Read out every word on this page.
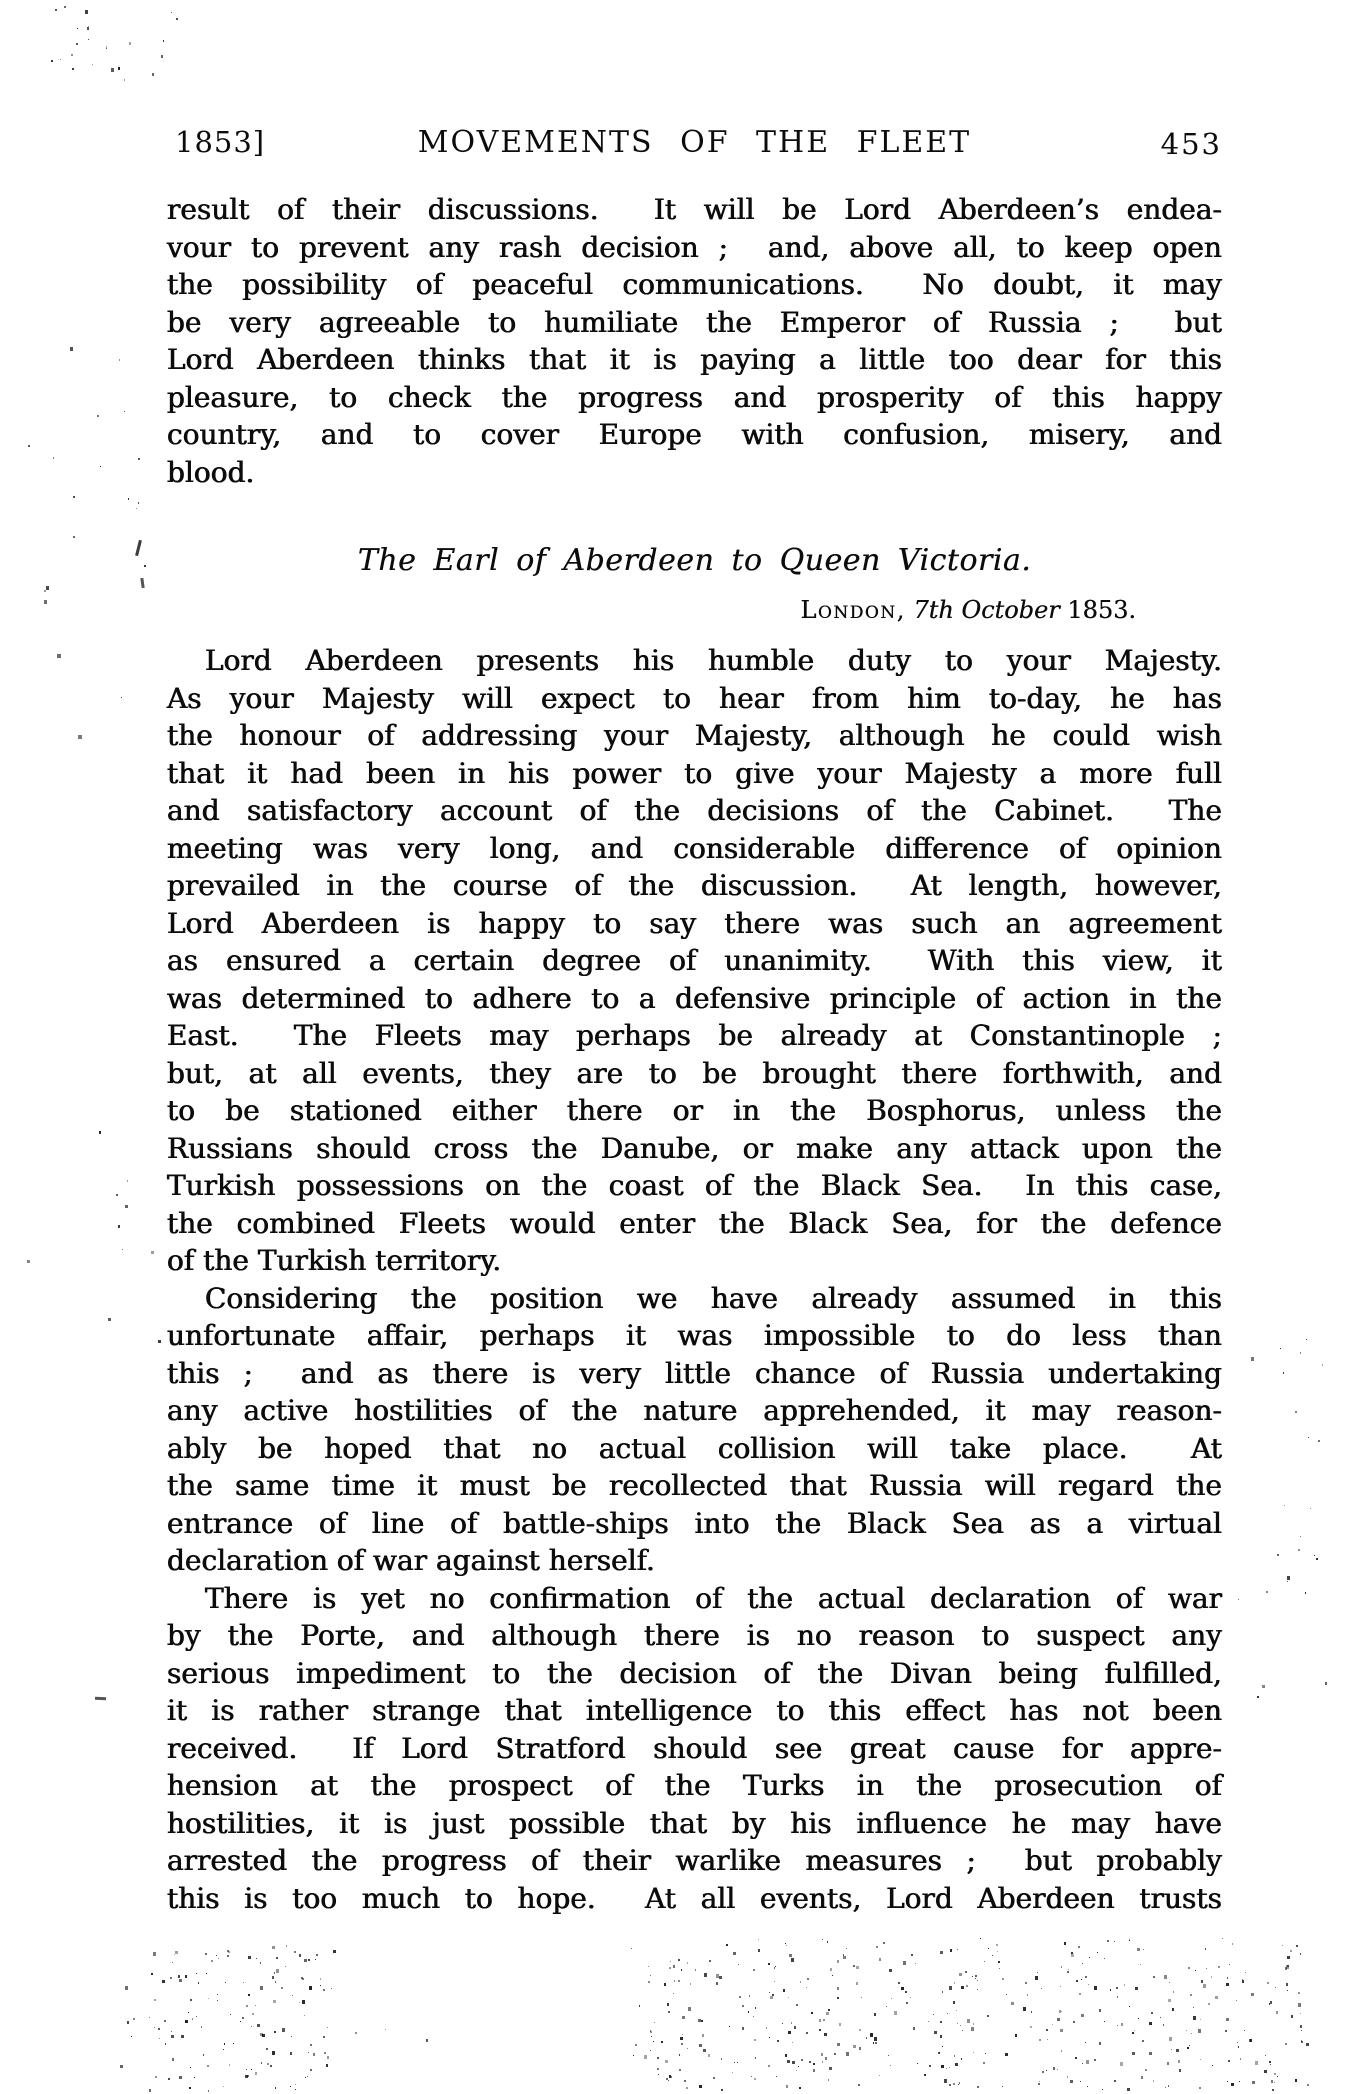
1853]	MOVEMENTS OF THE FLEET	453
result of their discussions.  It will be Lord Aberdeen’s endea-
vour to prevent any rash decision ;  and, above all, to keep open
the possibility of peaceful communications.  No doubt, it may
be very agreeable to humiliate the Emperor of Russia ;  but
Lord Aberdeen thinks that it is paying a little too dear for this
pleasure, to check the progress and prosperity of this happy
country, and to cover Europe with confusion, misery, and
blood.
The Earl of Aberdeen to Queen Victoria.
London, 7th October 1853.
Lord Aberdeen presents his humble duty to your Majesty.
As your Majesty will expect to hear from him to-day, he has
the honour of addressing your Majesty, although he could wish
that it had been in his power to give your Majesty a more full
and satisfactory account of the decisions of the Cabinet.  The
meeting was very long, and considerable difference of opinion
prevailed in the course of the discussion.  At length, however,
Lord Aberdeen is happy to say there was such an agreement
as ensured a certain degree of unanimity.  With this view, it
was determined to adhere to a defensive principle of action in the
East.  The Fleets may perhaps be already at Constantinople ;
but, at all events, they are to be brought there forthwith, and
to be stationed either there or in the Bosphorus, unless the
Russians should cross the Danube, or make any attack upon the
Turkish possessions on the coast of the Black Sea.  In this case,
the combined Fleets would enter the Black Sea, for the defence
of the Turkish territory.
Considering the position we have already assumed in this
unfortunate affair, perhaps it was impossible to do less than
this ;  and as there is very little chance of Russia undertaking
any active hostilities of the nature apprehended, it may reason-
ably be hoped that no actual collision will take place.  At
the same time it must be recollected that Russia will regard the
entrance of line of battle-ships into the Black Sea as a virtual
declaration of war against herself.
There is yet no confirmation of the actual declaration of war
by the Porte, and although there is no reason to suspect any
serious impediment to the decision of the Divan being fulfilled,
it is rather strange that intelligence to this effect has not been
received.  If Lord Stratford should see great cause for appre-
hension at the prospect of the Turks in the prosecution of
hostilities, it is just possible that by his influence he may have
arrested the progress of their warlike measures ;  but probably
this is too much to hope.  At all events, Lord Aberdeen trusts
